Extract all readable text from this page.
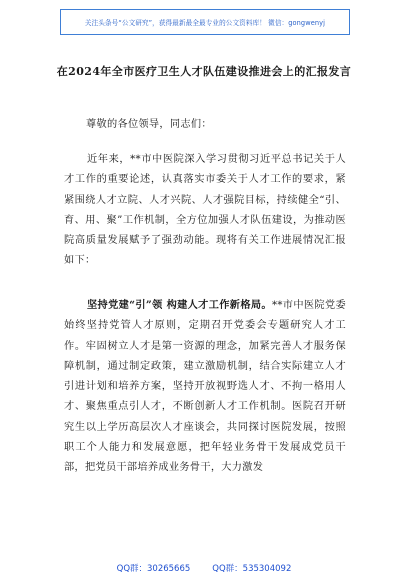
关注头条号“公文研究”，获得最新最全最专业的公文资料库！ 微信：gongwenyj
在2024年全市医疗卫生人才队伍建设推进会上的汇报发言
尊敬的各位领导，同志们：
近年来，**市中医院深入学习贯彻习近平总书记关于人才工作的重要论述，认真落实市委关于人才工作的要求，紧紧围绕人才立院、人才兴院、人才强院目标，持续健全“引、育、用、聚”工作机制，全方位加强人才队伍建设，为推动医院高质量发展赋予了强劲动能。现将有关工作进展情况汇报如下：
坚持党建“引”领 构建人才工作新格局。**市中医院党委始终坚持党管人才原则，定期召开党委会专题研究人才工作。牢固树立人才是第一资源的理念，加紧完善人才服务保障机制，通过制定政策，建立激励机制，结合实际建立人才引进计划和培养方案，坚持开放视野选人才、不拘一格用人才、聚焦重点引人才，不断创新人才工作机制。医院召开研究生以上学历高层次人才座谈会，共同探讨医院发展，按照职工个人能力和发展意愿，把年轻业务骨干发展成党员干部，把党员干部培养成业务骨干，大力激发
QQ群：30265665	QQ群：535304092
